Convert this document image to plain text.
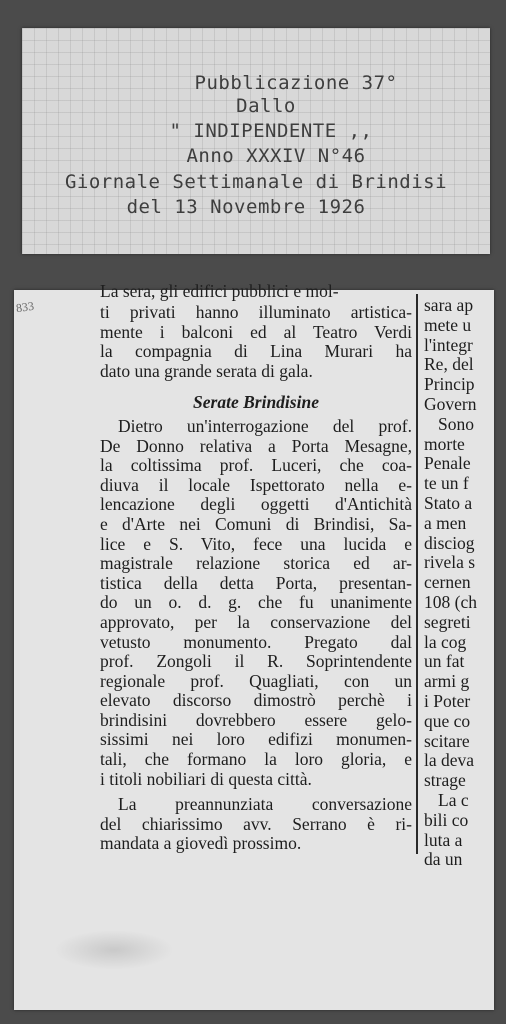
Pubblicazione 37°
Dallo
" INDIPENDENTE ,,
Anno XXXIV N°46
Giornale Settimanale di Brindisi
del 13 Novembre 1926
833
La sera, gli edifici pubblici e mol-
ti privati hanno illuminato artistica-
mente i balconi ed al Teatro Verdi
la compagnia di Lina Murari ha
dato una grande serata di gala.
Serate Brindisine
Dietro un'interrogazione del prof.
De Donno relativa a Porta Mesagne,
la coltissima prof. Luceri, che coa-
diuva il locale Ispettorato nella e-
lencazione degli oggetti d'Antichità
e d'Arte nei Comuni di Brindisi, Sa-
lice e S. Vito, fece una lucida e
magistrale relazione storica ed ar-
tistica della detta Porta, presentan-
do un o. d. g. che fu unanimente
approvato, per la conservazione del
vetusto monumento. Pregato dal
prof. Zongoli il R. Soprintendente
regionale prof. Quagliati, con un
elevato discorso dimostrò perchè i
brindisini dovrebbero essere gelo-
sissimi nei loro edifizi monumen-
tali, che formano la loro gloria, e
i titoli nobiliari di questa città.
La preannunziata conversazione
del chiarissimo avv. Serrano è ri-
mandata a giovedì prossimo.
sara ap
mete u
l'integr
Re, del
Princip
Govern
Sono
morte
Penale
te un f
Stato a
a men
disciog
rivela s
cernen
108 (ch
segreti
la cog
un fat
armi g
i Poter
que co
scitare
la deva
strage
La c
bili co
luta a
da un
